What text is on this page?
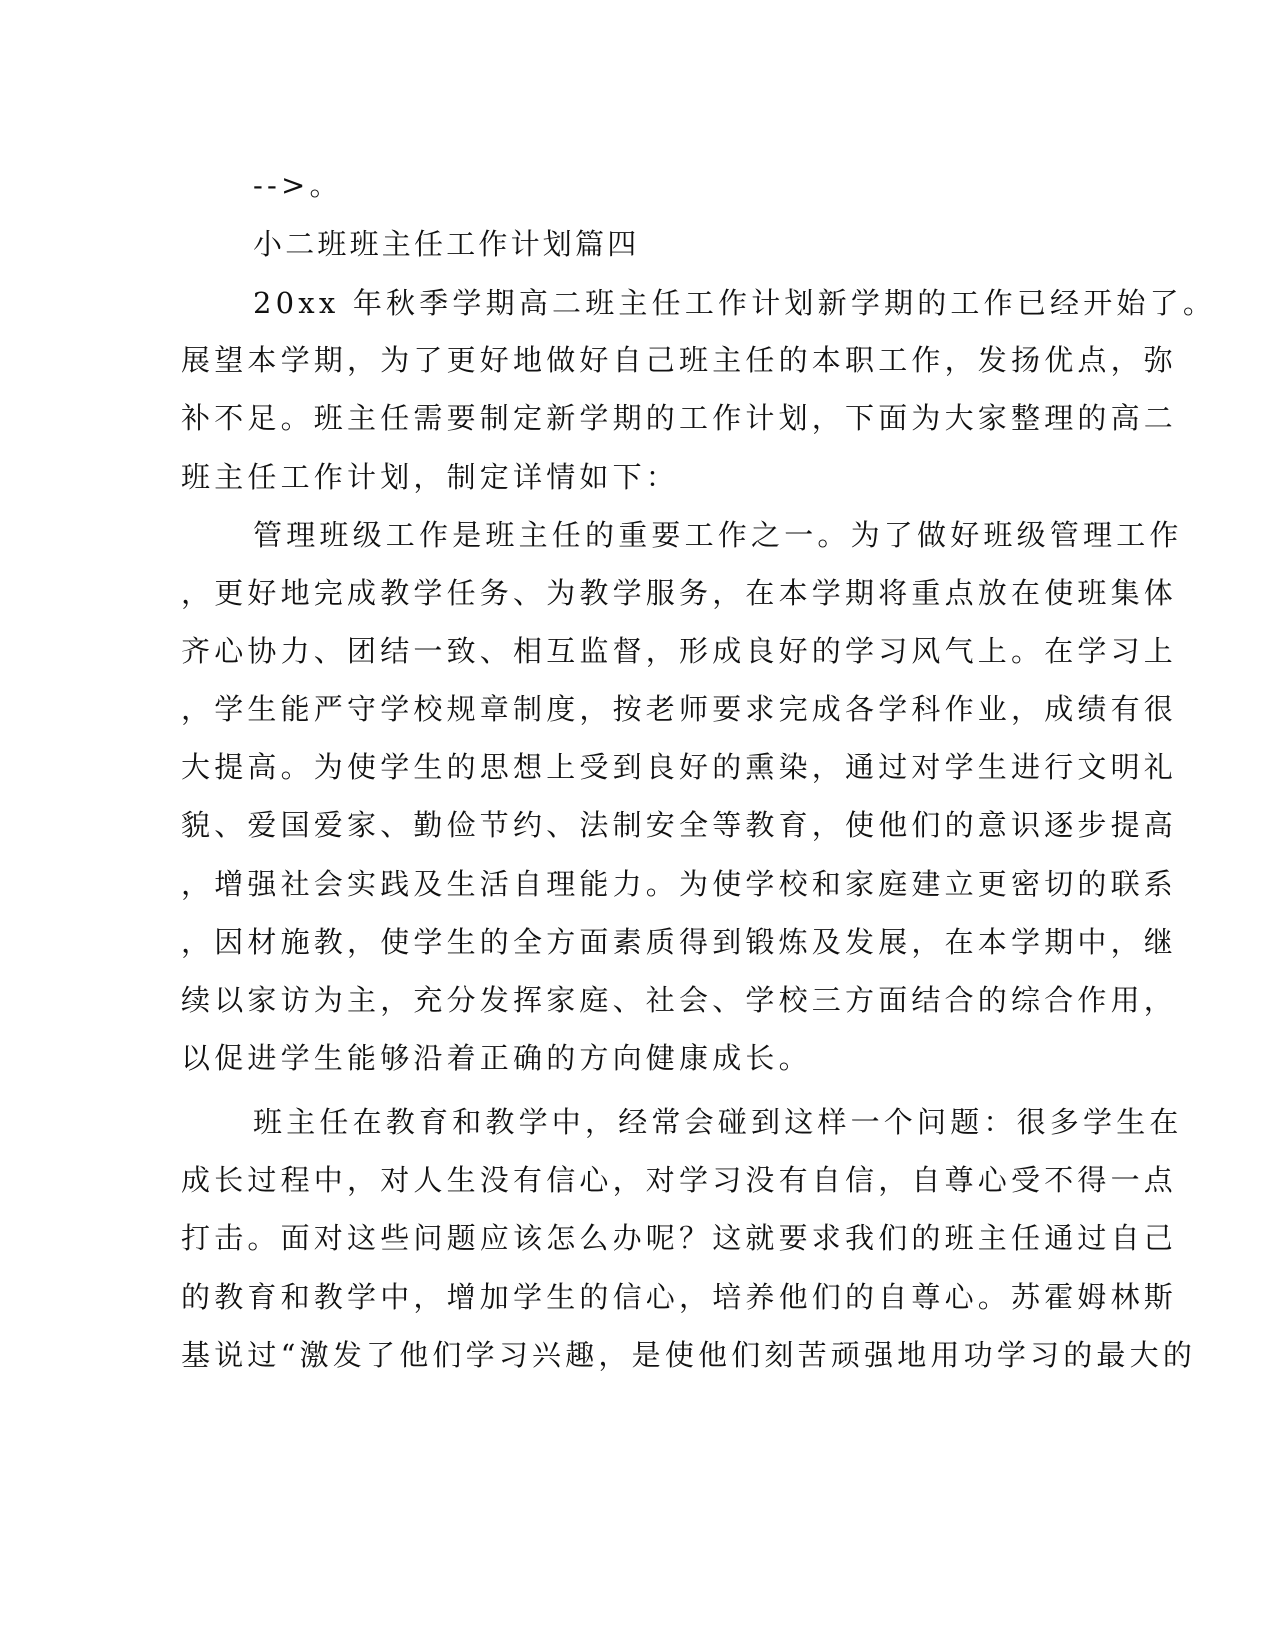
-->。

小二班班主任工作计划篇四

20xx 年秋季学期高二班主任工作计划新学期的工作已经开始了。

展望本学期，为了更好地做好自己班主任的本职工作，发扬优点，弥

补不足。班主任需要制定新学期的工作计划，下面为大家整理的高二

班主任工作计划，制定详情如下：

管理班级工作是班主任的重要工作之一。为了做好班级管理工作

，更好地完成教学任务、为教学服务，在本学期将重点放在使班集体

齐心协力、团结一致、相互监督，形成良好的学习风气上。在学习上

，学生能严守学校规章制度，按老师要求完成各学科作业，成绩有很

大提高。为使学生的思想上受到良好的熏染，通过对学生进行文明礼

貌、爱国爱家、勤俭节约、法制安全等教育，使他们的意识逐步提高

，增强社会实践及生活自理能力。为使学校和家庭建立更密切的联系

，因材施教，使学生的全方面素质得到锻炼及发展，在本学期中，继

续以家访为主，充分发挥家庭、社会、学校三方面结合的综合作用，

以促进学生能够沿着正确的方向健康成长。

班主任在教育和教学中，经常会碰到这样一个问题：很多学生在

成长过程中，对人生没有信心，对学习没有自信，自尊心受不得一点

打击。面对这些问题应该怎么办呢？这就要求我们的班主任通过自己

的教育和教学中，增加学生的信心，培养他们的自尊心。苏霍姆林斯

基说过“激发了他们学习兴趣，是使他们刻苦顽强地用功学习的最大的
